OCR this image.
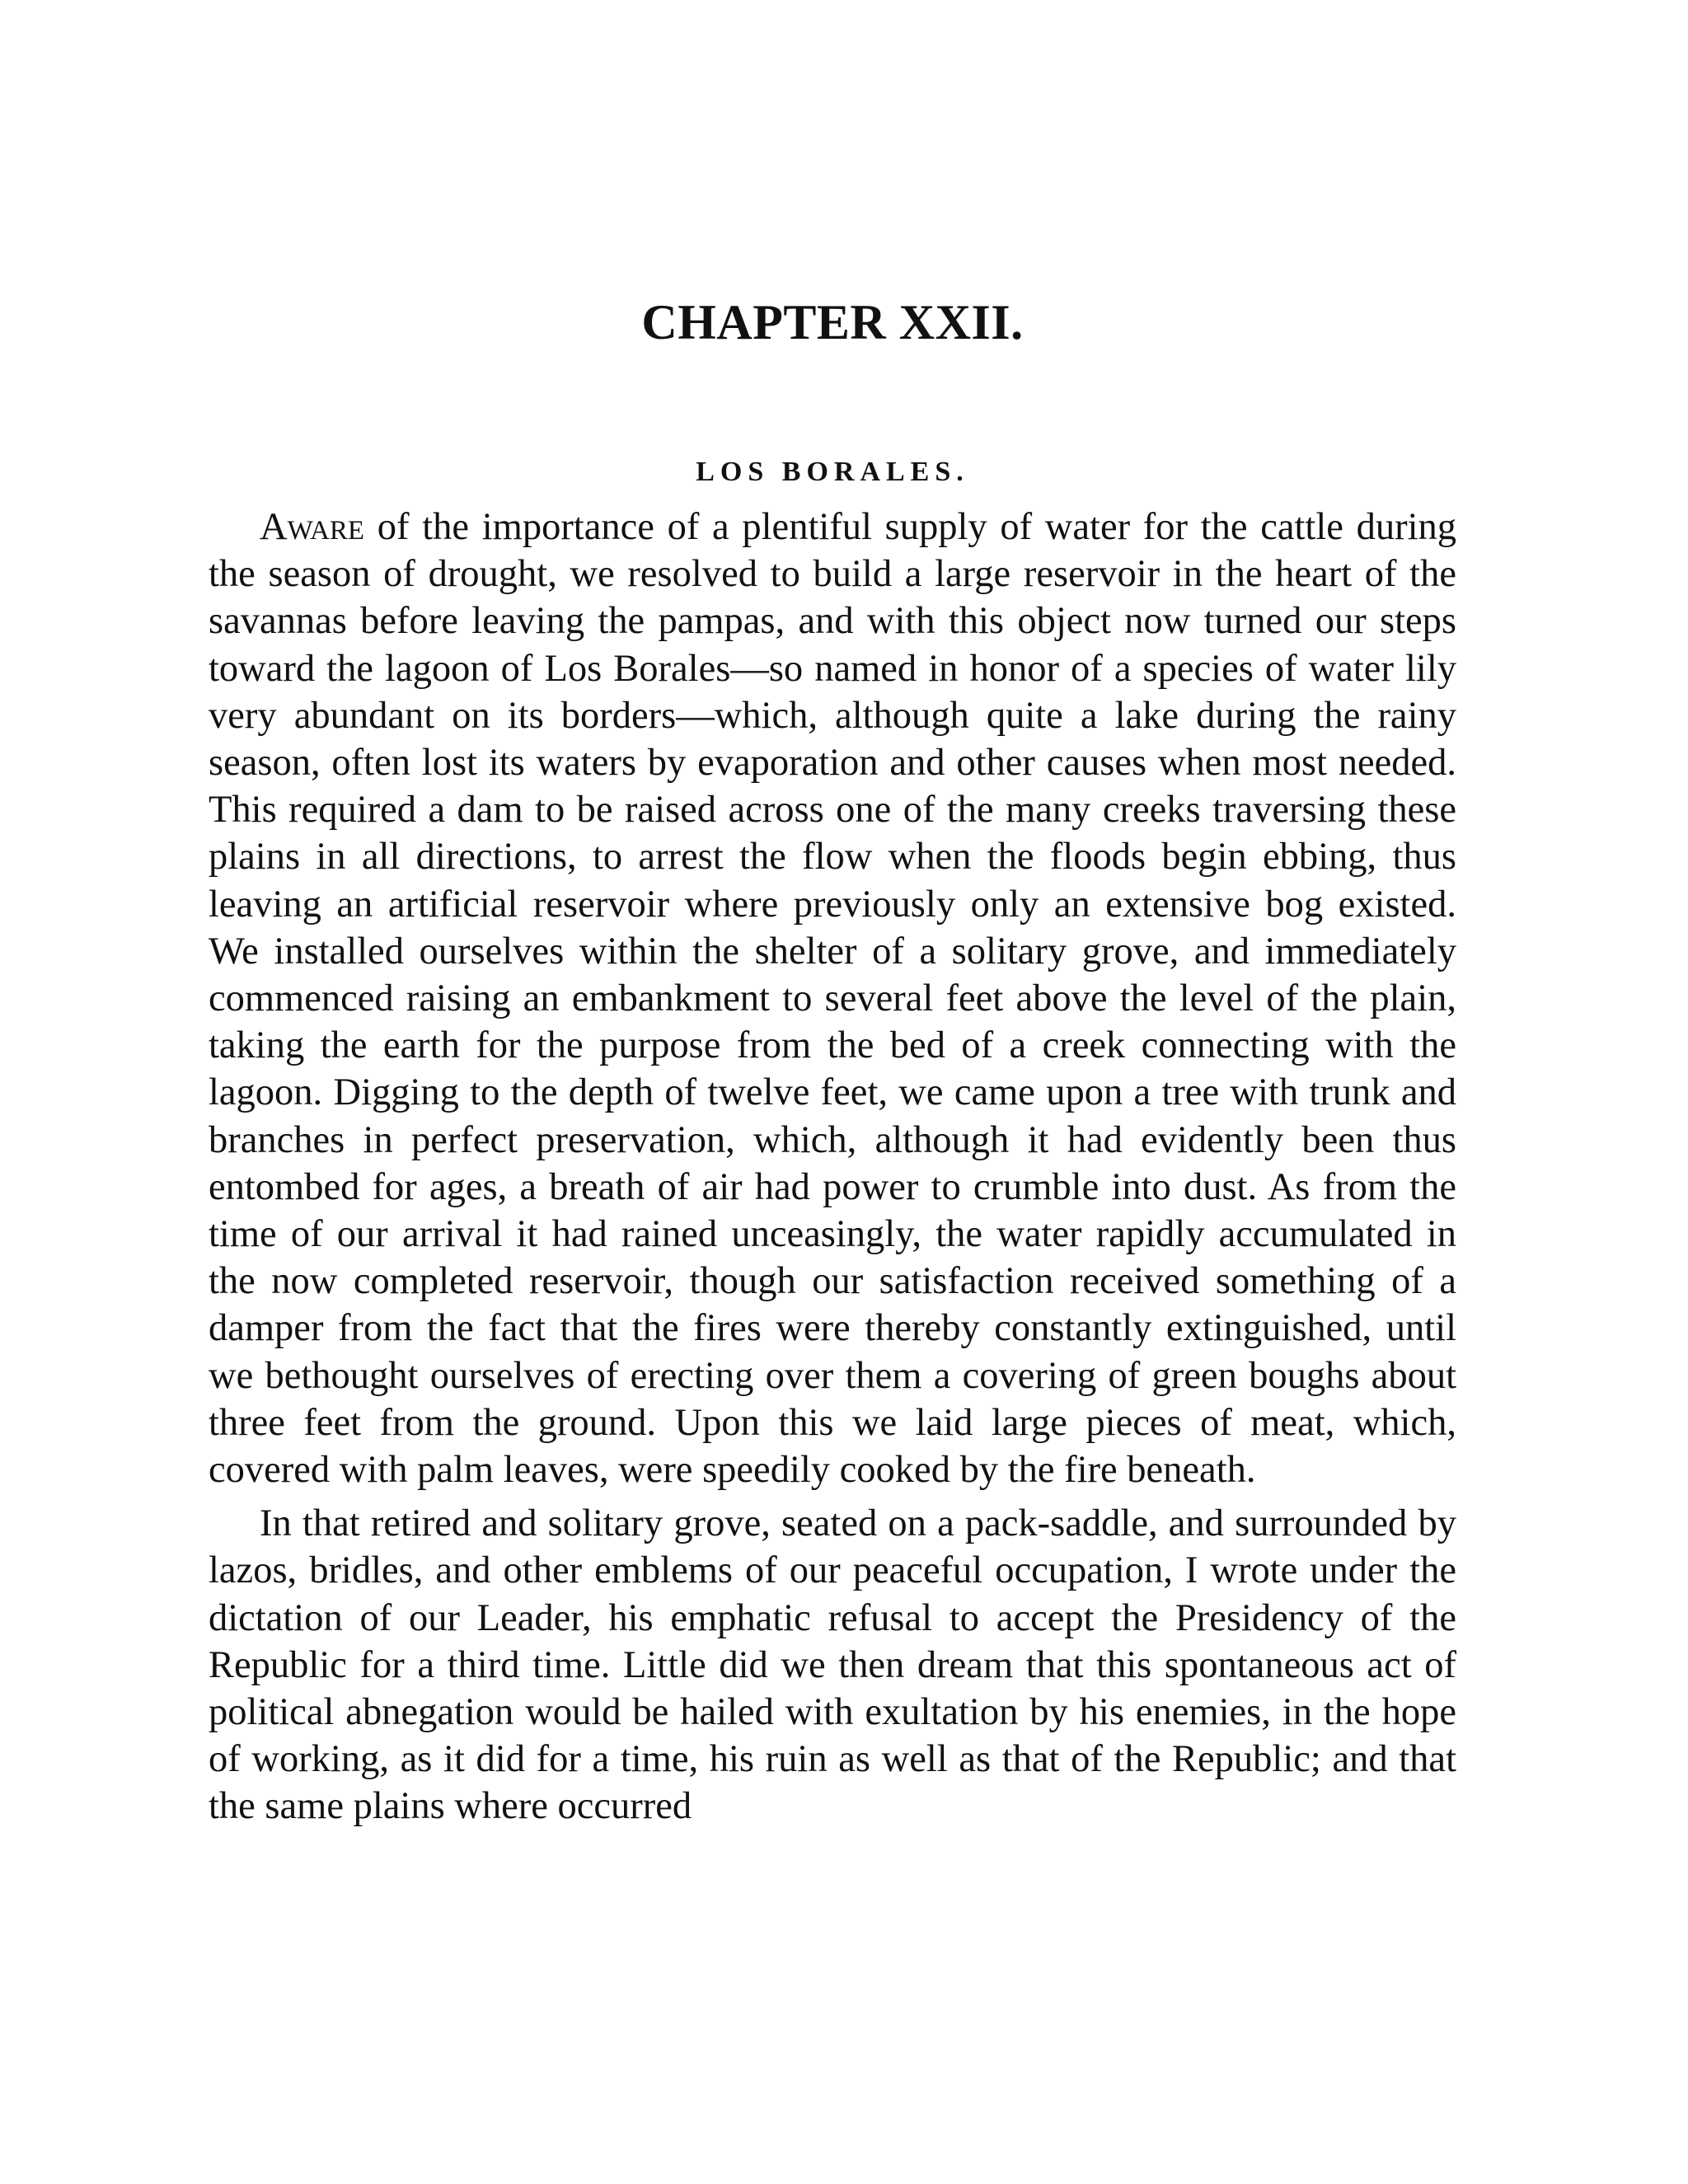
CHAPTER XXII.
LOS BORALES.

Aware of the importance of a plentiful supply of water for the cattle during the season of drought, we resolved to build a large reservoir in the heart of the savannas before leaving the pampas, and with this object now turned our steps toward the lagoon of Los Borales—so named in honor of a species of water lily very abundant on its borders—which, although quite a lake during the rainy season, often lost its waters by evaporation and other causes when most needed. This required a dam to be raised across one of the many creeks traversing these plains in all directions, to arrest the flow when the floods begin ebbing, thus leaving an artificial reservoir where previously only an extensive bog existed. We installed ourselves within the shelter of a solitary grove, and immediately commenced raising an embankment to several feet above the level of the plain, taking the earth for the purpose from the bed of a creek connecting with the lagoon. Digging to the depth of twelve feet, we came upon a tree with trunk and branches in perfect preservation, which, although it had evidently been thus entombed for ages, a breath of air had power to crumble into dust. As from the time of our arrival it had rained unceasingly, the water rapidly accumulated in the now completed reservoir, though our satisfaction received something of a damper from the fact that the fires were thereby constantly extinguished, until we bethought ourselves of erecting over them a covering of green boughs about three feet from the ground. Upon this we laid large pieces of meat, which, covered with palm leaves, were speedily cooked by the fire beneath.

In that retired and solitary grove, seated on a pack-saddle, and surrounded by lazos, bridles, and other emblems of our peaceful occupation, I wrote under the dictation of our Leader, his emphatic refusal to accept the Presidency of the Republic for a third time. Little did we then dream that this spontaneous act of political abnegation would be hailed with exultation by his enemies, in the hope of working, as it did for a time, his ruin as well as that of the Republic; and that the same plains where occurred
